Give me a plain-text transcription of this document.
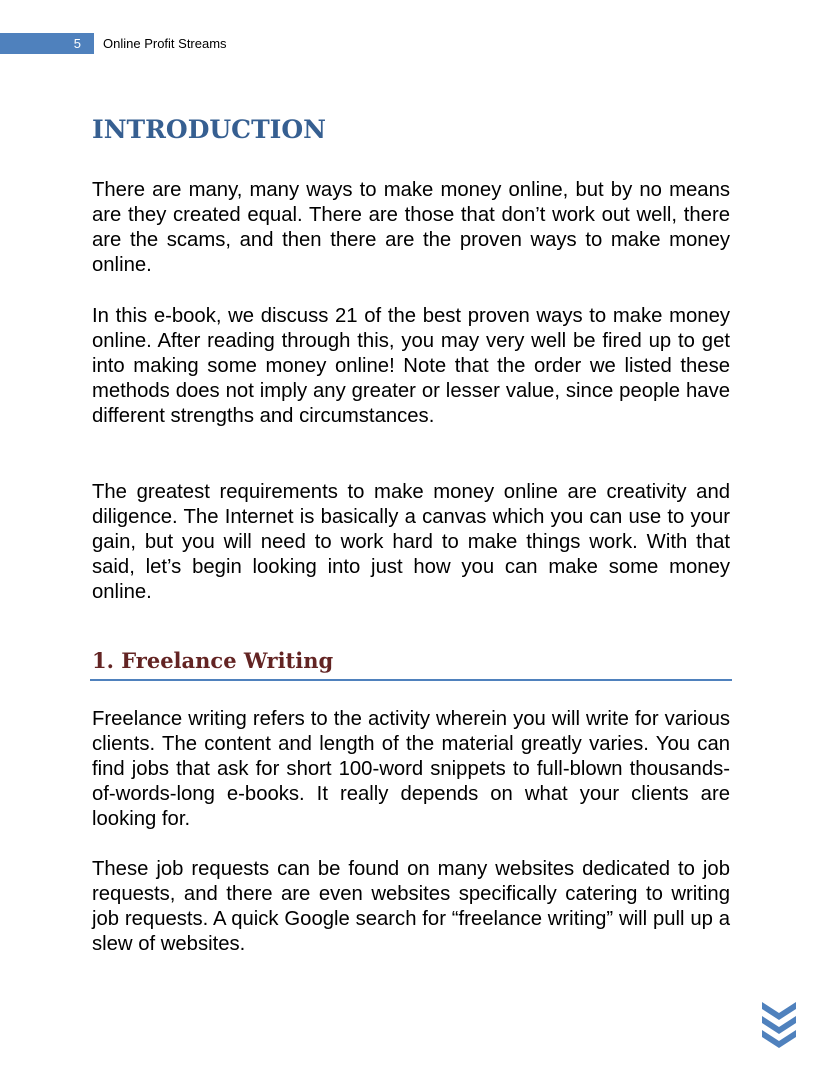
5 Online Profit Streams
INTRODUCTION

There are many, many ways to make money online, but by no means are they created equal. There are those that don’t work out well, there are the scams, and then there are the proven ways to make money online.

In this e-book, we discuss 21 of the best proven ways to make money online. After reading through this, you may very well be fired up to get into making some money online! Note that the order we listed these methods does not imply any greater or lesser value, since people have different strengths and circumstances.

The greatest requirements to make money online are creativity and diligence. The Internet is basically a canvas which you can use to your gain, but you will need to work hard to make things work. With that said, let’s begin looking into just how you can make some money online.

1. Freelance Writing

Freelance writing refers to the activity wherein you will write for various clients. The content and length of the material greatly varies. You can find jobs that ask for short 100-word snippets to full-blown thousands-of-words-long e-books. It really depends on what your clients are looking for.

These job requests can be found on many websites dedicated to job requests, and there are even websites specifically catering to writing job requests. A quick Google search for “freelance writing” will pull up a slew of websites.
